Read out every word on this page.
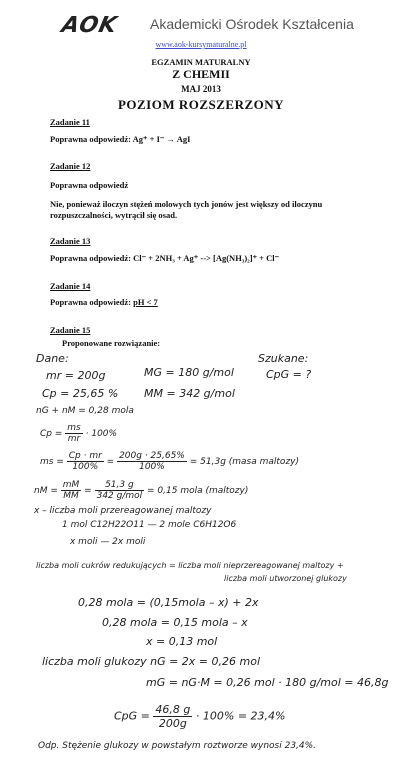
AOK Akademicki Ośrodek Kształcenia
www.aok-kursymaturalne.pl
EGZAMIN MATURALNY
Z CHEMII
MAJ 2013
POZIOM ROZSZERZONY
Zadanie 11
Poprawna odpowiedź: Ag⁺ + I⁻ → AgI
Zadanie 12
Poprawna odpowiedź
Nie, ponieważ iloczyn stężeń molowych tych jonów jest większy od iloczynu rozpuszczalności, wytrącił się osad.
Zadanie 13
Poprawna odpowiedź: Cl⁻ + 2NH₃ + Ag⁺ --> [Ag(NH₃)₂]⁺ + Cl⁻
Zadanie 14
Poprawna odpowiedź: pH < 7
Zadanie 15
Proponowane rozwiązanie:
Dane:	Szukane:
mr = 200g	MG = 180 g/mol	CpG = ?
Cp = 25,65 % MM = 342 g/mol
nG + nM = 0,28 mola
$Cp = \frac{ms}{mr} \cdot 100\%$
ms = $\frac{Cp \cdot mr}{100\%} = \frac{200g \cdot 25,65\%}{100\%} = 51,3g$ (masa maltozy)
nM = $\frac{mM}{MM} = \frac{51,3 g}{\text{342 g/mol}} = 0,15$ mola (maltozy)
x – liczba moli przereagowanej maltozy
1 mol C12H22O11 — 2 mole C6H12O6
x moli — 2x moli
liczba moli cukrów redukujących = liczba moli nieprzereagowanej maltozy +
liczba moli utworzonej glukozy
0,28 mola = (0,15mola – x) + 2x
0,28 mola = 0,15 mola – x
x = 0,13 mol
liczba moli glukozy nG = 2x = 0,26 mol
mG = nG·M = 0,26 mol · 180 g/mol = 46,8g
CpG = $\frac{46,8 g}{200g} \cdot 100\% = 23,4\%$
Odp. Stężenie glukozy w powstałym roztworze wynosi 23,4%.
